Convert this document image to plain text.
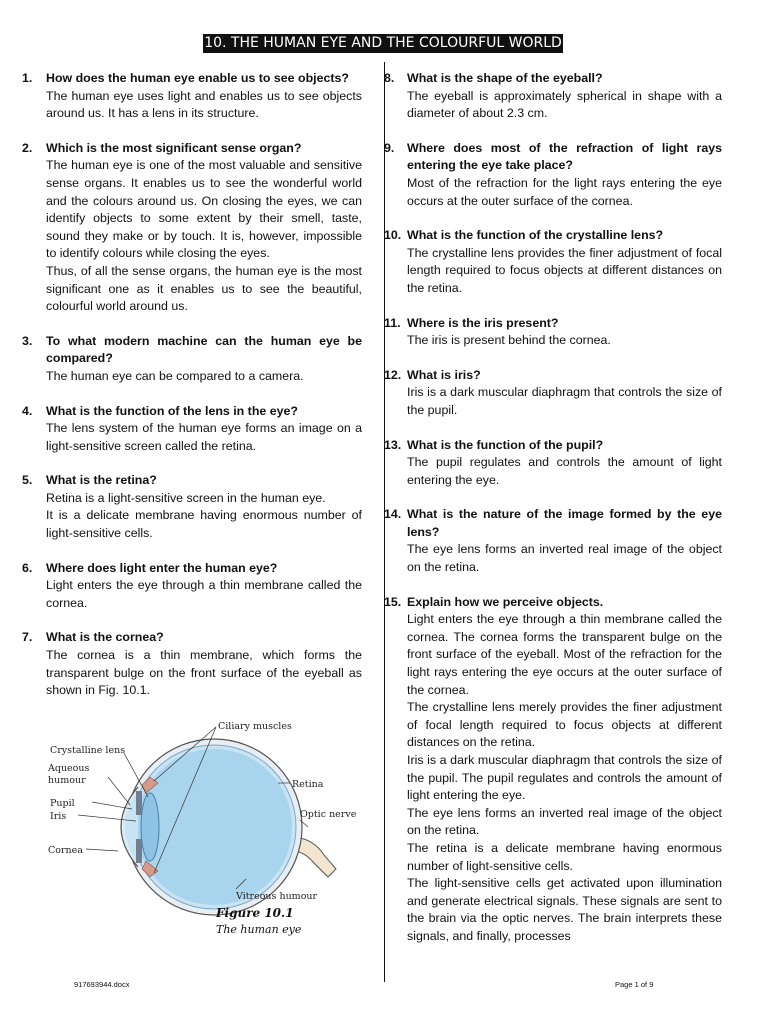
10. THE HUMAN EYE AND THE COLOURFUL WORLD
1. How does the human eye enable us to see objects?

The human eye uses light and enables us to see objects around us. It has a lens in its structure.

2. Which is the most significant sense organ?

The human eye is one of the most valuable and sensitive sense organs. It enables us to see the wonderful world and the colours around us. On closing the eyes, we can identify objects to some extent by their smell, taste, sound they make or by touch. It is, however, impossible to identify colours while closing the eyes.

Thus, of all the sense organs, the human eye is the most significant one as it enables us to see the beautiful, colourful world around us.

3. To what modern machine can the human eye be compared?

The human eye can be compared to a camera.

4. What is the function of the lens in the eye?

The lens system of the human eye forms an image on a light-sensitive screen called the retina.

5. What is the retina?

Retina is a light-sensitive screen in the human eye.

It is a delicate membrane having enormous number of light-sensitive cells.

6. Where does light enter the human eye?

Light enters the eye through a thin membrane called the cornea.

7. What is the cornea?

The cornea is a thin membrane, which forms the transparent bulge on the front surface of the eyeball as shown in Fig. 10.1.

Ciliary muscles
Crystalline lens
Aqueous
humour
Pupil
Iris
Cornea
Retina
Optic nerve
Vitreous humour
Figure 10.1
The human eye
8. What is the shape of the eyeball?

The eyeball is approximately spherical in shape with a diameter of about 2.3 cm.

9. Where does most of the refraction of light rays entering the eye take place?

Most of the refraction for the light rays entering the eye occurs at the outer surface of the cornea.

10. What is the function of the crystalline lens?

The crystalline lens provides the finer adjustment of focal length required to focus objects at different distances on the retina.

11. Where is the iris present?

The iris is present behind the cornea.

12. What is iris?

Iris is a dark muscular diaphragm that controls the size of the pupil.

13. What is the function of the pupil?

The pupil regulates and controls the amount of light entering the eye.

14. What is the nature of the image formed by the eye lens?

The eye lens forms an inverted real image of the object on the retina.

15. Explain how we perceive objects.

Light enters the eye through a thin membrane called the cornea. The cornea forms the transparent bulge on the front surface of the eyeball. Most of the refraction for the light rays entering the eye occurs at the outer surface of the cornea.

The crystalline lens merely provides the finer adjustment of focal length required to focus objects at different distances on the retina.

Iris is a dark muscular diaphragm that controls the size of the pupil. The pupil regulates and controls the amount of light entering the eye.

The eye lens forms an inverted real image of the object on the retina.

The retina is a delicate membrane having enormous number of light-sensitive cells.

The light-sensitive cells get activated upon illumination and generate electrical signals. These signals are sent to the brain via the optic nerves. The brain interprets these signals, and finally, processes

917693944.docx	Page 1 of 9
